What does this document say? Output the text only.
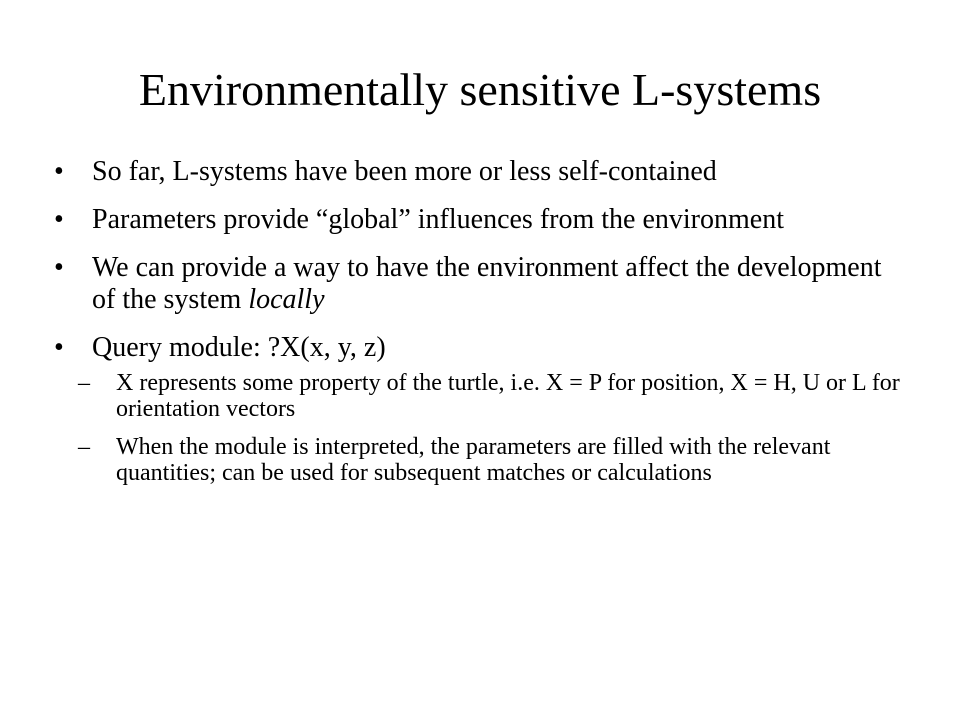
Environmentally sensitive L-systems
• So far, L-systems have been more or less self-contained
• Parameters provide “global” influences from the environment
• We can provide a way to have the environment affect the development of the system locally
• Query module: ?X(x, y, z)
– X represents some property of the turtle, i.e. X = P for position, X = H, U or L for orientation vectors
– When the module is interpreted, the parameters are filled with the relevant quantities; can be used for subsequent matches or calculations
